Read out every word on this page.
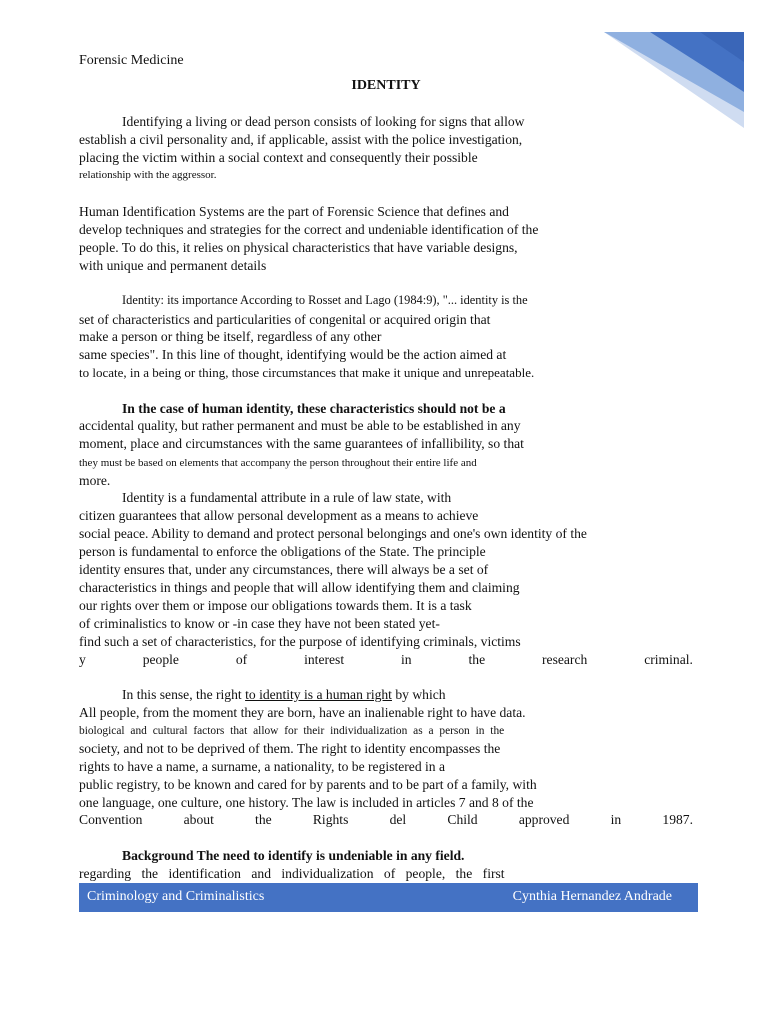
Forensic Medicine
IDENTITY
Identifying a living or dead person consists of looking for signs that allow
establish a civil personality and, if applicable, assist with the police investigation,
placing the victim within a social context and consequently their possible
relationship with the aggressor.
Human Identification Systems are the part of Forensic Science that defines and
develop techniques and strategies for the correct and undeniable identification of the
people. To do this, it relies on physical characteristics that have variable designs,
with unique and permanent details
Identity: its importance According to Rosset and Lago (1984:9), "... identity is the
set of characteristics and particularities of congenital or acquired origin that
make a person or thing be itself, regardless of any other
same species". In this line of thought, identifying would be the action aimed at
to locate, in a being or thing, those circumstances that make it unique and unrepeatable.
In the case of human identity, these characteristics should not be a
accidental quality, but rather permanent and must be able to be established in any
moment, place and circumstances with the same guarantees of infallibility, so that
they must be based on elements that accompany the person throughout their entire life and
more.
Identity is a fundamental attribute in a rule of law state, with
citizen guarantees that allow personal development as a means to achieve
social peace. Ability to demand and protect personal belongings and one's own identity of the
person is fundamental to enforce the obligations of the State. The principle
identity ensures that, under any circumstances, there will always be a set of
characteristics in things and people that will allow identifying them and claiming
our rights over them or impose our obligations towards them. It is a task
of criminalistics to know or -in case they have not been stated yet-
find such a set of characteristics, for the purpose of identifying criminals, victims
y	people	of	interest	in	the	research	criminal.
In this sense, the right to identity is a human right by which
All people, from the moment they are born, have an inalienable right to have data.
biological and cultural factors that allow for their individualization as a person in the
society, and not to be deprived of them. The right to identity encompasses the
rights to have a name, a surname, a nationality, to be registered in a
public registry, to be known and cared for by parents and to be part of a family, with
one language, one culture, one history. The law is included in articles 7 and 8 of the
Convention	about	the	Rights	del	Child	approved	in	1987.
Background The need to identify is undeniable in any field.
regarding the identification and individualization of people, the first
Criminology and Criminalistics	Cynthia Hernandez Andrade
